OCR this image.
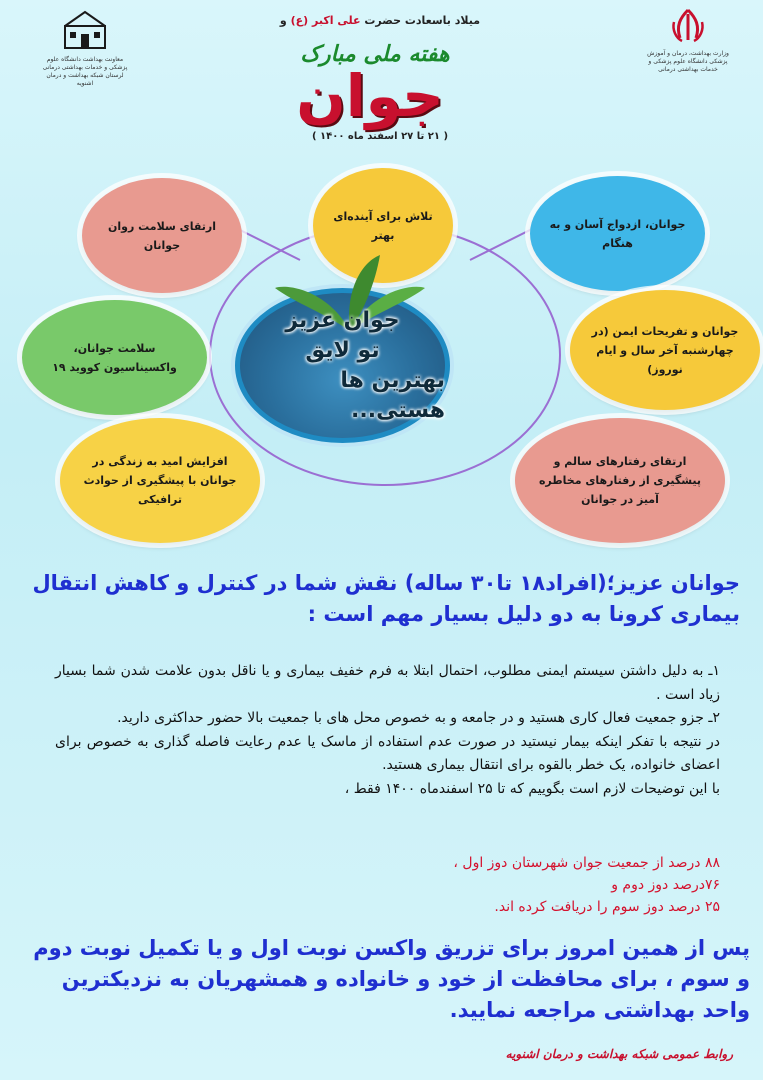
معاونت بهداشت دانشگاه علوم پزشکی و خدمات بهداشتی درمانی لرستان شبکه بهداشت و درمان اشنویه
وزارت بهداشت، درمان و آموزش پزشکی دانشگاه علوم پزشکی و خدمات بهداشتی درمانی
میلاد باسعادت حضرت علی اکبر (ع) و
هفته ملی مبارک
جوان
( ۲۱ تا ۲۷ اسفند ماه ۱۴۰۰ )
ارتقای سلامت روان جوانان
تلاش برای آینده‌ای بهتر
جوانان، ازدواج آسان و به هنگام
سلامت جوانان، واکسیناسیون کووید ۱۹
جوانان و تفریحات ایمن (در چهارشنبه آخر سال و ایام نوروز)
افزایش امید به زندگی در جوانان با پیشگیری از حوادث ترافیکی
ارتقای رفتارهای سالم و پیشگیری از رفتارهای مخاطره آمیز در جوانان
جوان عزیز
تو لایق
بهترین ها هستی...
جوانان عزیز؛(افراد۱۸ تا۳۰ ساله) نقش شما در کنترل و کاهش انتقال بیماری کرونا به دو دلیل بسیار مهم است :

۱ـ به دلیل داشتن سیستم ایمنی مطلوب، احتمال ابتلا به فرم خفیف بیماری و یا ناقل بدون علامت شدن شما بسیار زیاد است .

۲ـ جزو جمعیت فعال کاری هستید و در جامعه و به خصوص محل های با جمعیت بالا حضور حداکثری دارید.

در نتیجه با تفکر اینکه بیمار نیستید در صورت عدم استفاده از ماسک یا عدم رعایت فاصله گذاری به خصوص برای اعضای خانواده، یک خطر بالقوه برای انتقال بیماری هستید.

با این توضیحات لازم است بگوییم که تا ۲۵ اسفندماه ۱۴۰۰ فقط ،

۸۸ درصد از جمعیت جوان شهرستان دوز اول ،
۷۶درصد دوز دوم و
۲۵ درصد دوز سوم را دریافت کرده اند.
پس از همین امروز برای تزریق واکسن نوبت اول و یا تکمیل نوبت دوم و سوم ، برای محافظت از خود و خانواده و همشهریان به نزدیکترین واحد بهداشتی مراجعه نمایید.
روابط عمومی شبکه بهداشت و درمان اشنویه
